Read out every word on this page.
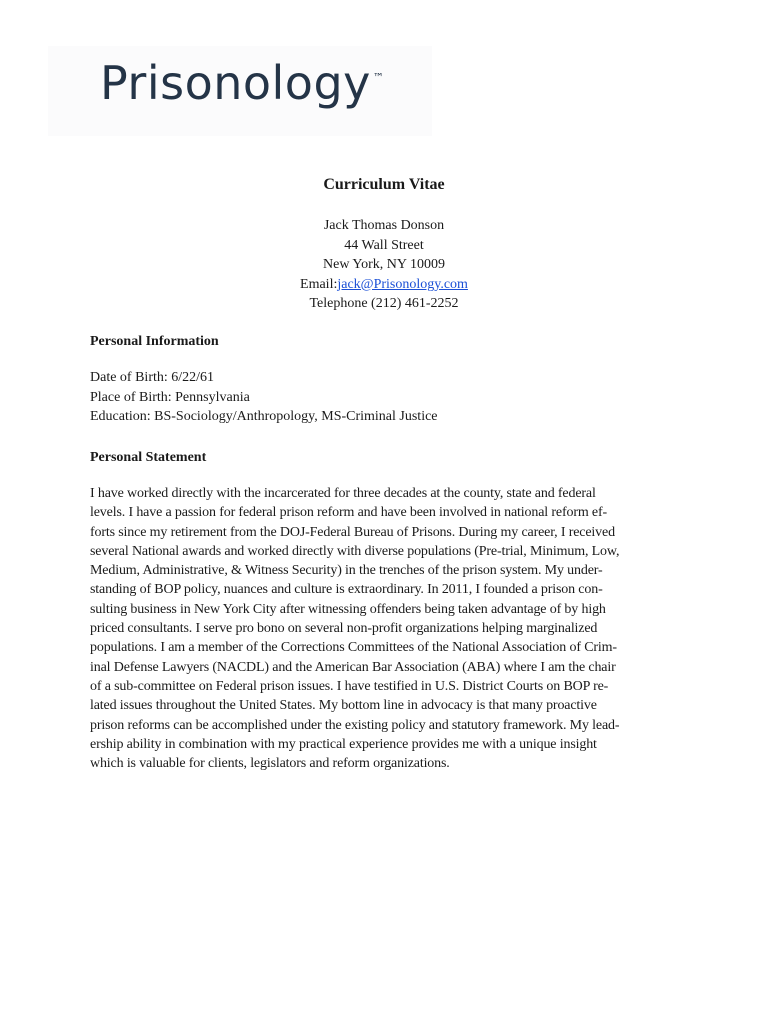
Prisonology ™
Curriculum Vitae
Jack Thomas Donson
44 Wall Street
New York, NY 10009
Email:jack@Prisonology.com
Telephone (212) 461-2252
Personal Information
Date of Birth: 6/22/61
Place of Birth: Pennsylvania
Education: BS-Sociology/Anthropology, MS-Criminal Justice
Personal Statement
I have worked directly with the incarcerated for three decades at the county, state and federal
levels. I have a passion for federal prison reform and have been involved in national reform ef-
forts since my retirement from the DOJ-Federal Bureau of Prisons. During my career, I received
several National awards and worked directly with diverse populations (Pre-trial, Minimum, Low,
Medium, Administrative, & Witness Security) in the trenches of the prison system. My under-
standing of BOP policy, nuances and culture is extraordinary. In 2011, I founded a prison con-
sulting business in New York City after witnessing offenders being taken advantage of by high
priced consultants. I serve pro bono on several non-profit organizations helping marginalized
populations. I am a member of the Corrections Committees of the National Association of Crim-
inal Defense Lawyers (NACDL) and the American Bar Association (ABA) where I am the chair
of a sub-committee on Federal prison issues. I have testified in U.S. District Courts on BOP re-
lated issues throughout the United States. My bottom line in advocacy is that many proactive
prison reforms can be accomplished under the existing policy and statutory framework. My lead-
ership ability in combination with my practical experience provides me with a unique insight
which is valuable for clients, legislators and reform organizations.
